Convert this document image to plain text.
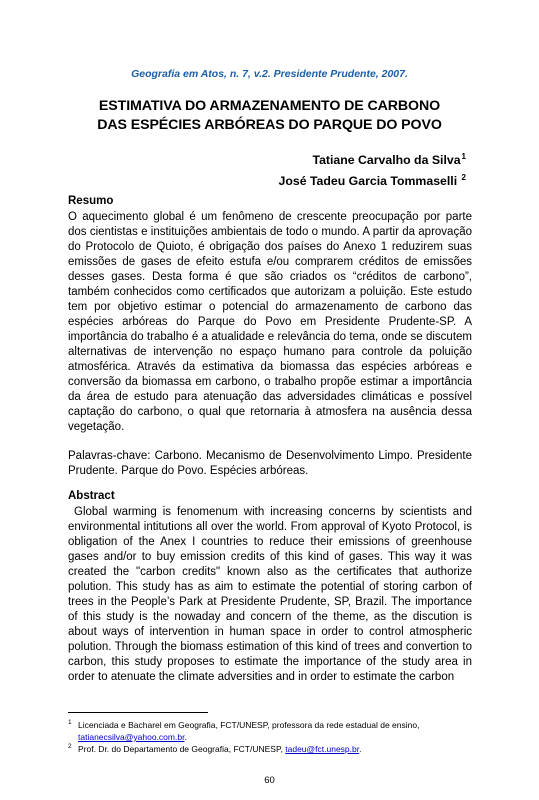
Geografia em Atos, n. 7, v.2. Presidente Prudente, 2007.
ESTIMATIVA DO ARMAZENAMENTO DE CARBONO
DAS ESPÉCIES ARBÓREAS DO PARQUE DO POVO
Tatiane Carvalho da Silva$^1$
José Tadeu Garcia Tommaselli $^2$
Resumo
O aquecimento global é um fenômeno de crescente preocupação por parte dos cientistas e instituições ambientais de todo o mundo. A partir da aprovação do Protocolo de Quioto, é obrigação dos países do Anexo 1 reduzirem suas emissões de gases de efeito estufa e/ou comprarem créditos de emissões desses gases. Desta forma é que são criados os “créditos de carbono”, também conhecidos como certificados que autorizam a poluição. Este estudo tem por objetivo estimar o potencial do armazenamento de carbono das espécies arbóreas do Parque do Povo em Presidente Prudente-SP. A importância do trabalho é a atualidade e relevância do tema, onde se discutem alternativas de intervenção no espaço humano para controle da poluição atmosférica. Através da estimativa da biomassa das espécies arbóreas e conversão da biomassa em carbono, o trabalho propõe estimar a importância da área de estudo para atenuação das adversidades climáticas e possível captação do carbono, o qual que retornaria à atmosfera na ausência dessa vegetação.
Palavras-chave: Carbono. Mecanismo de Desenvolvimento Limpo. Presidente Prudente. Parque do Povo. Espécies arbóreas.
Abstract
Global warming is fenomenum with increasing concerns by scientists and environmental intitutions all over the world. From approval of Kyoto Protocol, is obligation of the Anex I countries to reduce their emissions of greenhouse gases and/or to buy emission credits of this kind of gases. This way it was created the "carbon credits" known also as the certificates that authorize polution. This study has as aim to estimate the potential of storing carbon of trees in the People’s Park at Presidente Prudente, SP, Brazil. The importance of this study is the nowaday and concern of the theme, as the discution is about ways of intervention in human space in order to control atmospheric polution. Through the biomass estimation of this kind of trees and convertion to carbon, this study proposes to estimate the importance of the study area in order to atenuate the climate adversities and in order to estimate the carbon
1 Licenciada e Bacharel em Geografia, FCT/UNESP, professora da rede estadual de ensino, tatianecsilva@yahoo.com.br.
2 Prof. Dr. do Departamento de Geografia, FCT/UNESP, tadeu@fct.unesp.br.
60
